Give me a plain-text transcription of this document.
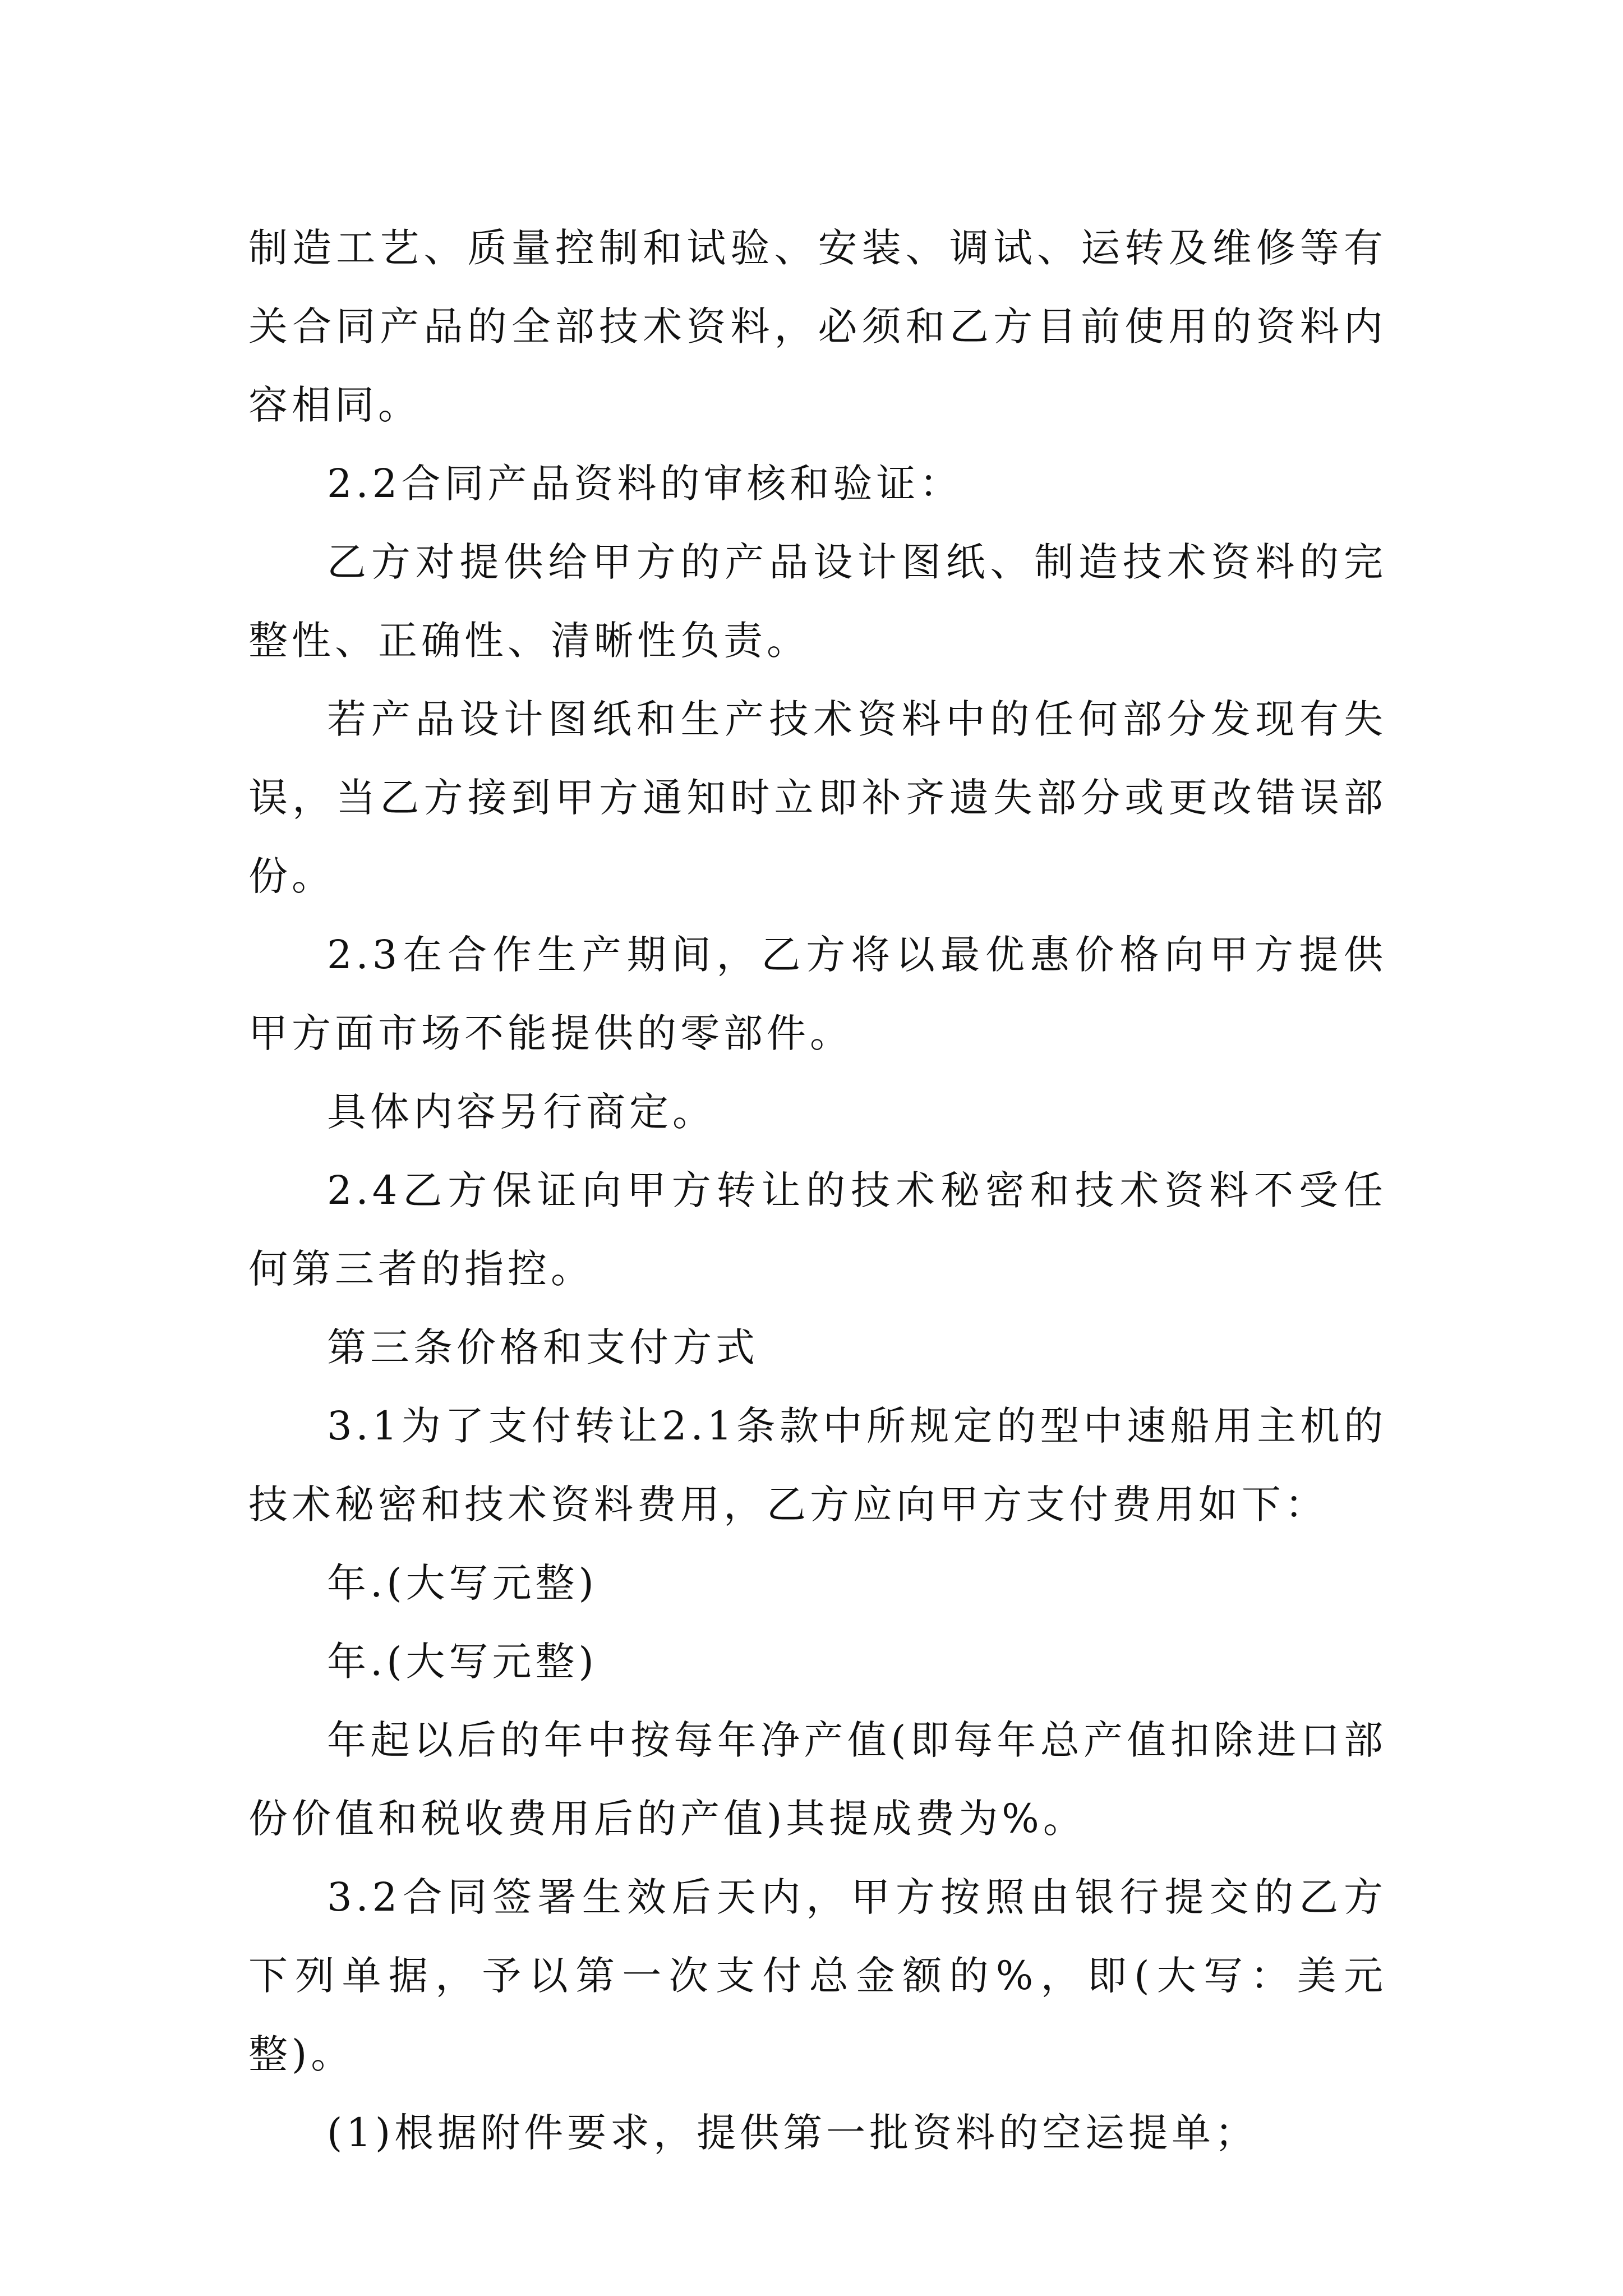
制造工艺、质量控制和试验、安装、调试、运转及维修等有关合同产品的全部技术资料，必须和乙方目前使用的资料内容相同。

2.2合同产品资料的审核和验证：

乙方对提供给甲方的产品设计图纸、制造技术资料的完整性、正确性、清晰性负责。

若产品设计图纸和生产技术资料中的任何部分发现有失误，当乙方接到甲方通知时立即补齐遗失部分或更改错误部份。

2.3在合作生产期间，乙方将以最优惠价格向甲方提供甲方面市场不能提供的零部件。

具体内容另行商定。

2.4乙方保证向甲方转让的技术秘密和技术资料不受任何第三者的指控。

第三条价格和支付方式

3.1为了支付转让2.1条款中所规定的型中速船用主机的技术秘密和技术资料费用，乙方应向甲方支付费用如下：

年.(大写元整)

年.(大写元整)

年起以后的年中按每年净产值(即每年总产值扣除进口部份价值和税收费用后的产值)其提成费为%。

3.2合同签署生效后天内，甲方按照由银行提交的乙方下列单据，予以第一次支付总金额的%，即(大写：美元整)。

(1)根据附件要求，提供第一批资料的空运提单；
